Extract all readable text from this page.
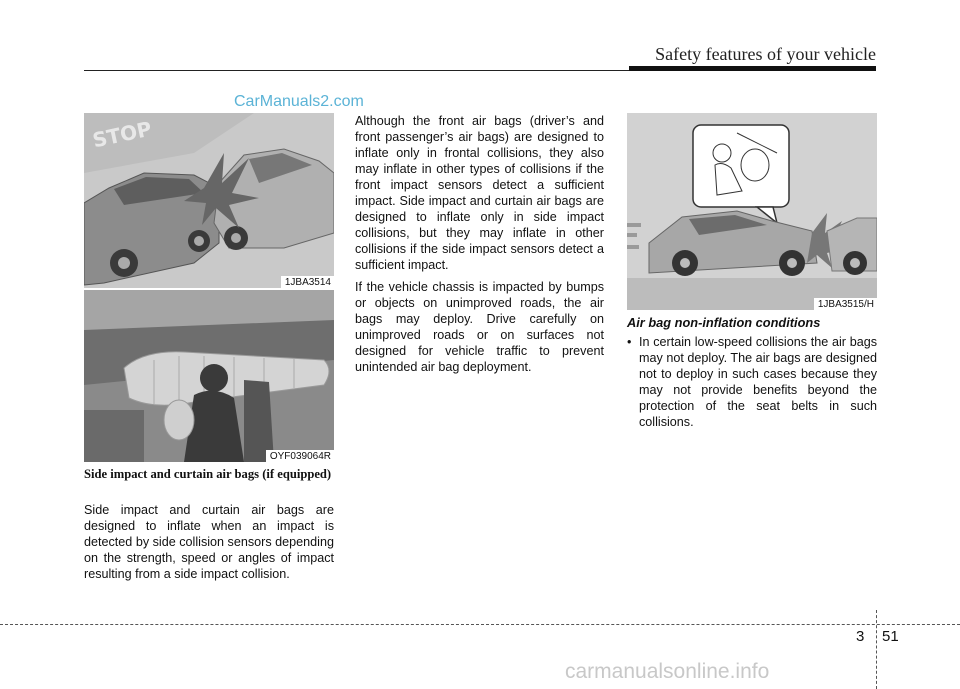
Safety features of your vehicle
CarManuals2.com
STOP
1JBA3514
OYF039064R
1JBA3515/H
Side impact and curtain air bags (if equipped)

Side impact and curtain air bags are designed to inflate when an impact is detected by side collision sensors depending on the strength, speed or angles of impact resulting from a side impact collision.

Although the front air bags (driver’s and front passenger’s air bags) are designed to inflate only in frontal collisions, they also may inflate in other types of collisions if the front impact sensors detect a sufficient impact. Side impact and curtain air bags are designed to inflate only in side impact collisions, but they may inflate in other collisions if the side impact sensors detect a sufficient impact.

If the vehicle chassis is impacted by bumps or objects on unimproved roads, the air bags may deploy. Drive carefully on unimproved roads or on surfaces not designed for vehicle traffic to prevent unintended air bag deployment.

Air bag non-inflation conditions
• In certain low-speed collisions the air bags may not deploy. The air bags are designed not to deploy in such cases because they may not provide benefits beyond the protection of the seat belts in such collisions.
3 51
carmanualsonline.info
